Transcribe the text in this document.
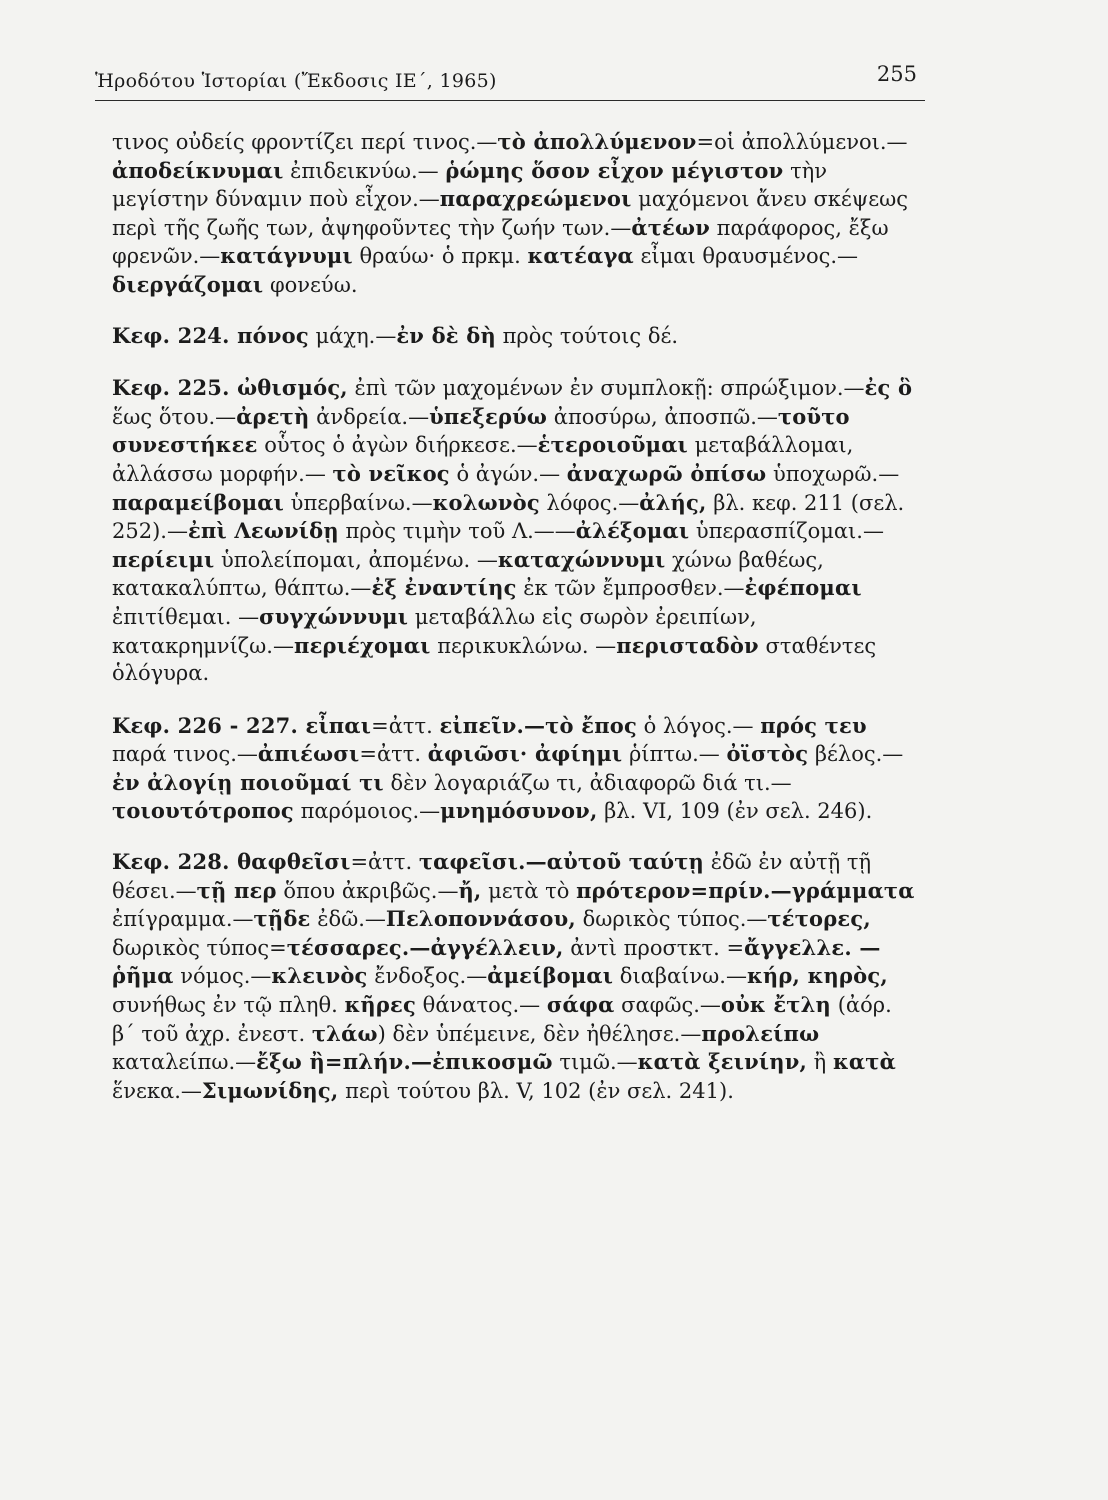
Ἡροδότου Ἱστορίαι (Ἔκδοσις ΙΕ΄, 1965)	255

τινος οὐδείς φροντίζει περί τινος.—τὸ ἀπολλύμενον=οἱ ἀπολλύμενοι.—ἀποδείκνυμαι ἐπιδεικνύω.— ῥώμης ὅσον εἶχον μέγιστον τὴν μεγίστην δύναμιν ποὺ εἶχον.—παραχρεώμενοι μαχόμενοι ἄνευ σκέψεως περὶ τῆς ζωῆς των, ἀψηφοῦντες τὴν ζωήν των.—ἀτέων παράφορος, ἔξω φρενῶν.—κατάγνυμι θραύω· ὁ πρκμ. κατέαγα εἶμαι θραυσμένος.—διεργάζομαι φονεύω.

Κεφ. 224. πόνος μάχη.—ἐν δὲ δὴ πρὸς τούτοις δέ.

Κεφ. 225. ὠθισμός, ἐπὶ τῶν μαχομένων ἐν συμπλοκῇ: σπρώξιμον.—ἐς ὃ ἕως ὅτου.—ἀρετὴ ἀνδρεία.—ὑπεξερύω ἀποσύρω, ἀποσπῶ.—τοῦτο συνεστήκεε οὗτος ὁ ἀγὼν διήρκεσε.—ἑτεροιοῦμαι μεταβάλλομαι, ἀλλάσσω μορφήν.— τὸ νεῖκος ὁ ἀγών.— ἀναχωρῶ ὀπίσω ὑποχωρῶ.—παραμείβομαι ὑπερβαίνω.—κολωνὸς λόφος.—ἀλής, βλ. κεφ. 211 (σελ. 252).—ἐπὶ Λεωνίδῃ πρὸς τιμὴν τοῦ Λ.——ἀλέξομαι ὑπερασπίζομαι.—περίειμι ὑπολείπομαι, ἀπομένω. —καταχώννυμι χώνω βαθέως, κατακαλύπτω, θάπτω.—ἐξ ἐναντίης ἐκ τῶν ἔμπροσθεν.—ἐφέπομαι ἐπιτίθεμαι. —συγχώννυμι μεταβάλλω εἰς σωρὸν ἐρειπίων, κατακρημνίζω.—περιέχομαι περικυκλώνω. —περισταδὸν σταθέντες ὁλόγυρα.

Κεφ. 226 - 227. εἶπαι=ἀττ. εἰπεῖν.—τὸ ἔπος ὁ λόγος.— πρός τευ παρά τινος.—ἀπιέωσι=ἀττ. ἀφιῶσι· ἀφίημι ῥίπτω.— ὀϊστὸς βέλος.—ἐν ἀλογίῃ ποιοῦμαί τι δὲν λογαριάζω τι, ἀδιαφορῶ διά τι.—τοιουτότροπος παρόμοιος.—μνημόσυνον, βλ. VI, 109 (ἐν σελ. 246).

Κεφ. 228. θαφθεῖσι=ἀττ. ταφεῖσι.—αὐτοῦ ταύτῃ ἐδῶ ἐν αὐτῇ τῇ θέσει.—τῇ περ ὅπου ἀκριβῶς.—ἤ, μετὰ τὸ πρότερον=πρίν.—γράμματα ἐπίγραμμα.—τῇδε ἐδῶ.—Πελοποννάσου, δωρικὸς τύπος.—τέτορες, δωρικὸς τύπος=τέσσαρες.—ἀγγέλλειν, ἀντὶ προστκτ. =ἄγγελλε. —ῥῆμα νόμος.—κλεινὸς ἔνδοξος.—ἀμείβομαι διαβαίνω.—κήρ, κηρὸς, συνήθως ἐν τῷ πληθ. κῆρες θάνατος.— σάφα σαφῶς.—οὐκ ἔτλη (ἀόρ. β΄ τοῦ ἀχρ. ἐνεστ. τλάω) δὲν ὑπέμεινε, δὲν ἠθέλησε.—προλείπω καταλείπω.—ἔξω ἢ=πλήν.—ἐπικοσμῶ τιμῶ.—κατὰ ξεινίην, ἢ κατὰ ἕνεκα.—Σιμωνίδης, περὶ τούτου βλ. V, 102 (ἐν σελ. 241).
